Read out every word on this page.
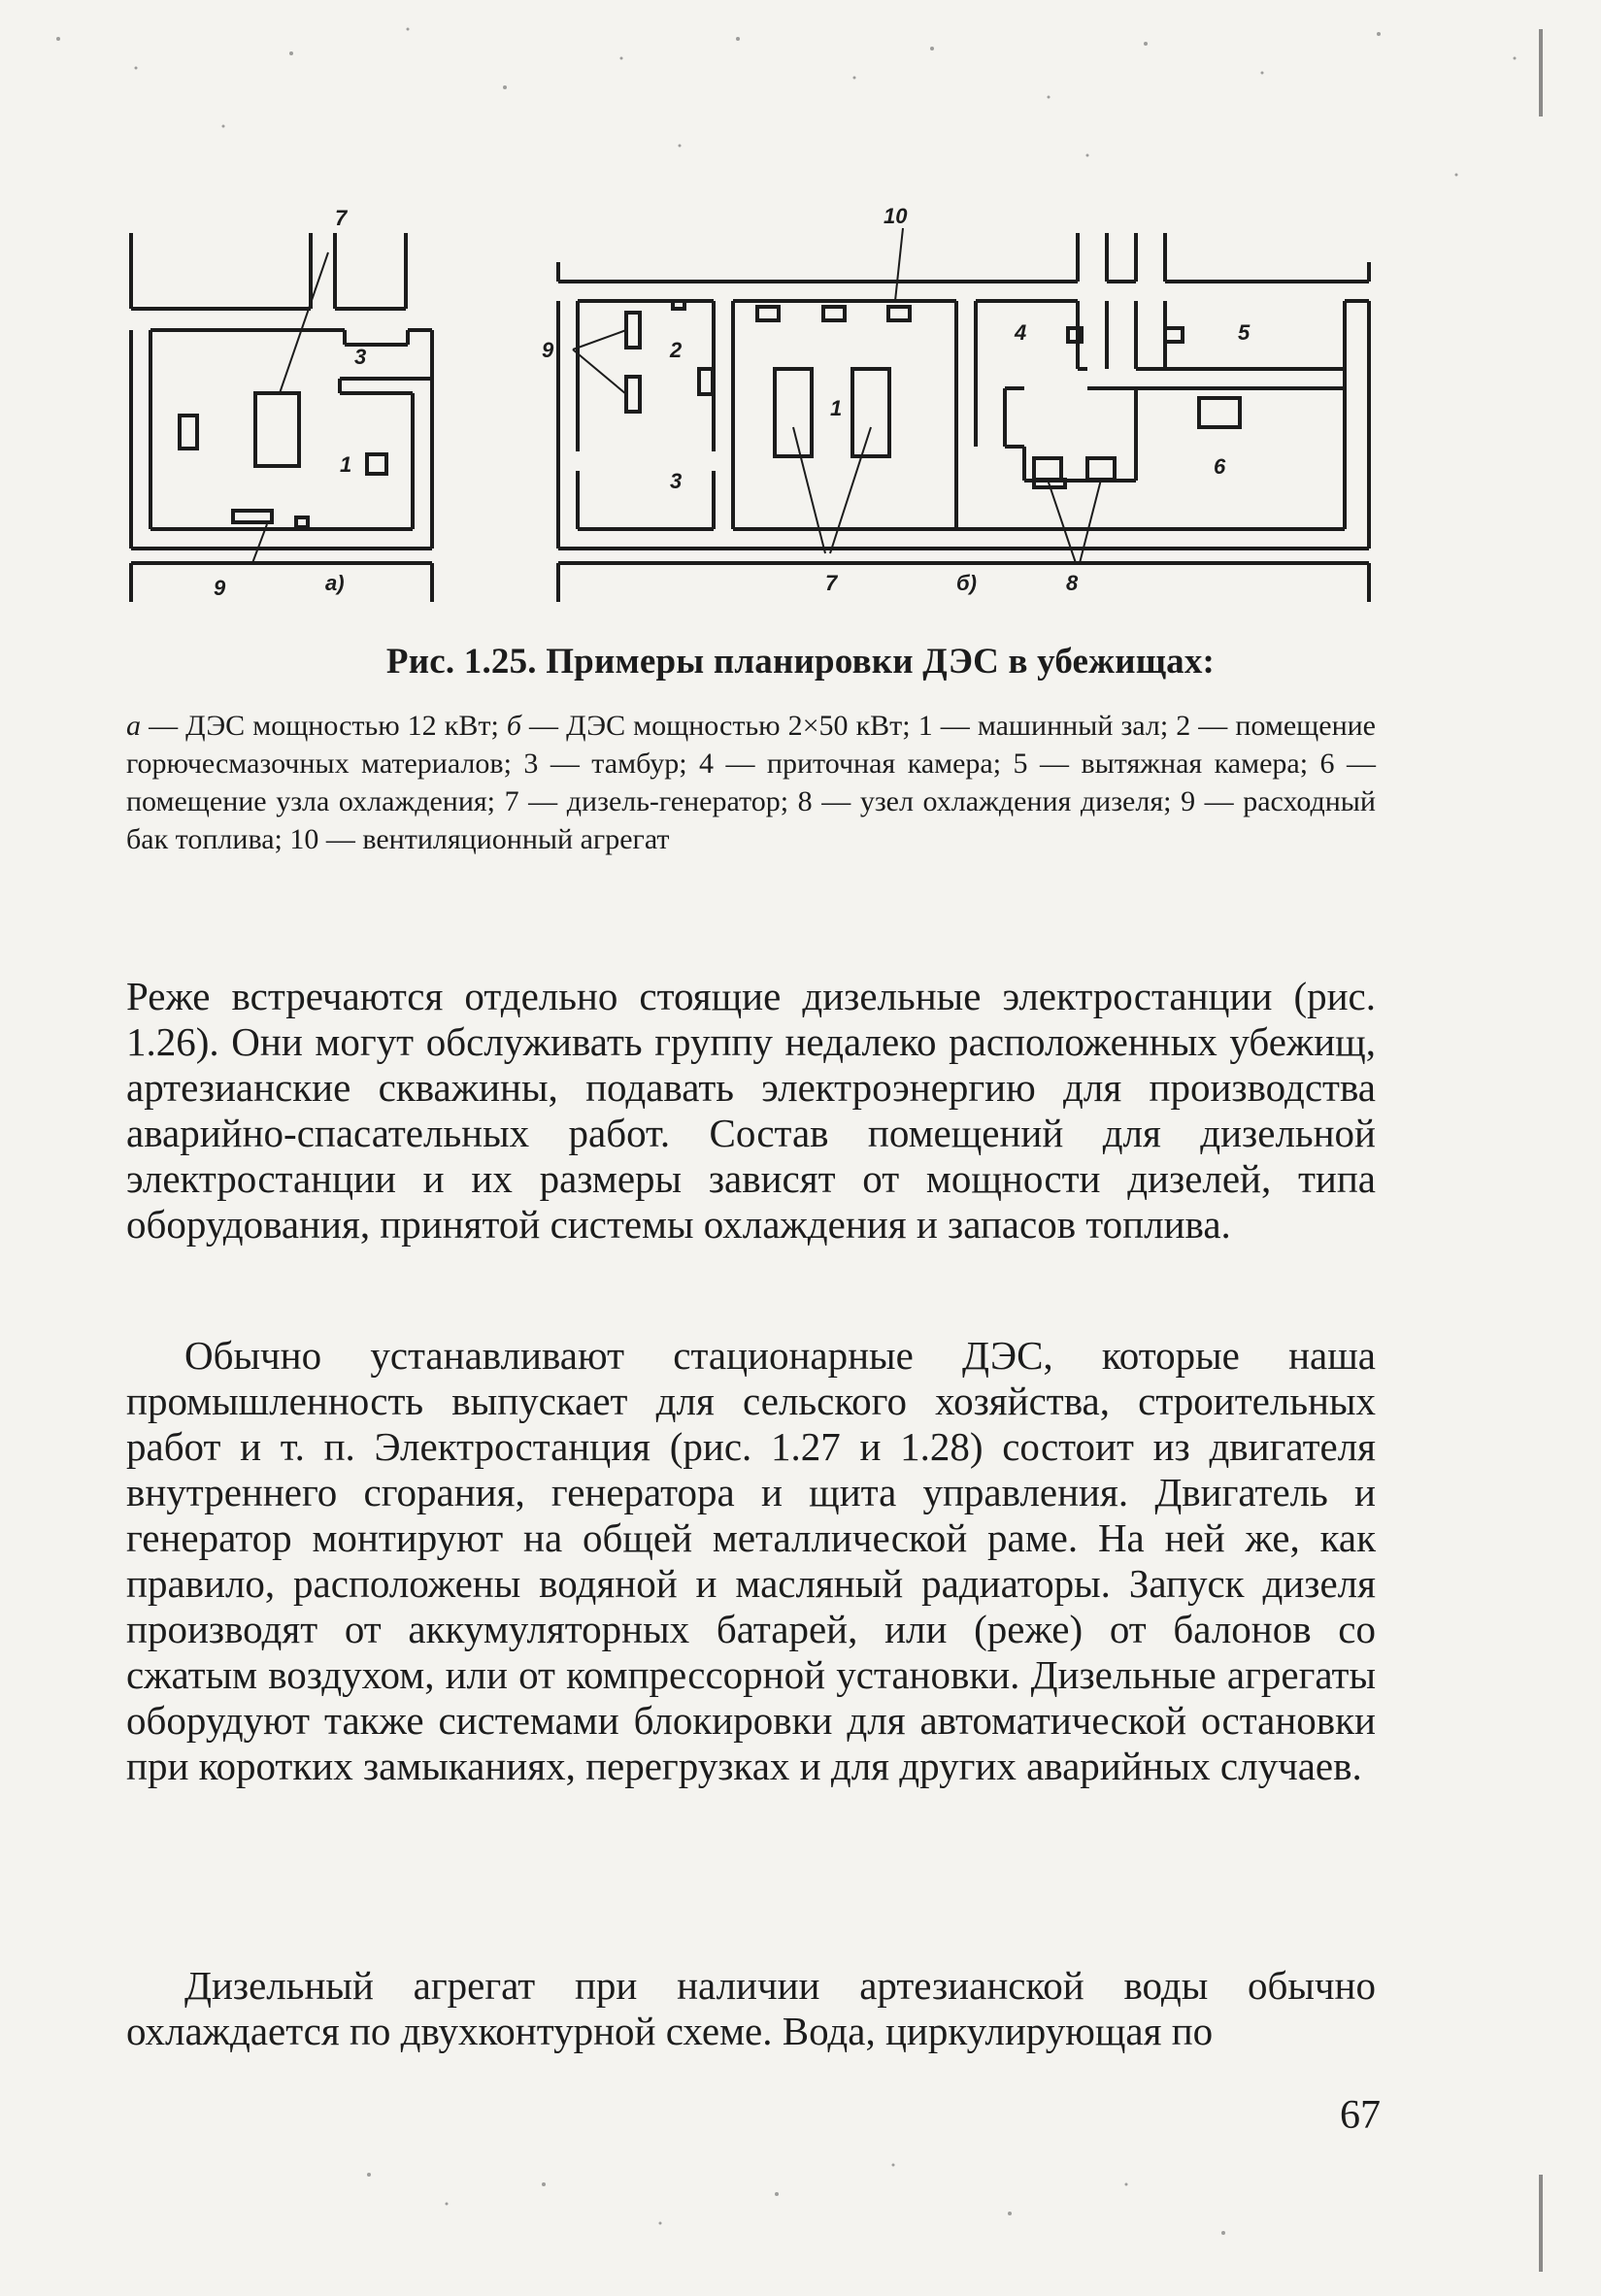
1
3
7
9	а)
10
9	2
4	5
1
3
6
7	б)	8
Рис. 1.25. Примеры планировки ДЭС в убежищах:
а — ДЭС мощностью 12 кВт; б — ДЭС мощностью 2×50 кВт; 1 — машинный зал; 2 — помещение горючесмазочных материалов; 3 — тамбур; 4 — приточная камера; 5 — вытяжная камера; 6 — помещение узла охлаждения; 7 — дизель-генератор; 8 — узел охлаждения дизеля; 9 — расходный бак топлива; 10 — вентиляционный агрегат
Реже встречаются отдельно стоящие дизельные электростанции (рис. 1.26). Они могут обслуживать группу недалеко расположенных убежищ, артезианские скважины, подавать электроэнергию для производства аварийно-спасательных работ. Состав помещений для дизельной электростанции и их размеры зависят от мощности дизелей, типа оборудования, принятой системы охлаждения и запасов топлива.
Обычно устанавливают стационарные ДЭС, которые наша промышленность выпускает для сельского хозяйства, строительных работ и т. п. Электростанция (рис. 1.27 и 1.28) состоит из двигателя внутреннего сгорания, генератора и щита управления. Двигатель и генератор монтируют на общей металлической раме. На ней же, как правило, расположены водяной и масляный радиаторы. Запуск дизеля производят от аккумуляторных батарей, или (реже) от балонов со сжатым воздухом, или от компрессорной установки. Дизельные агрегаты оборудуют также системами блокировки для автоматической остановки при коротких замыканиях, перегрузках и для других аварийных случаев.
Дизельный агрегат при наличии артезианской воды обычно охлаждается по двухконтурной схеме. Вода, циркулирующая по
67
